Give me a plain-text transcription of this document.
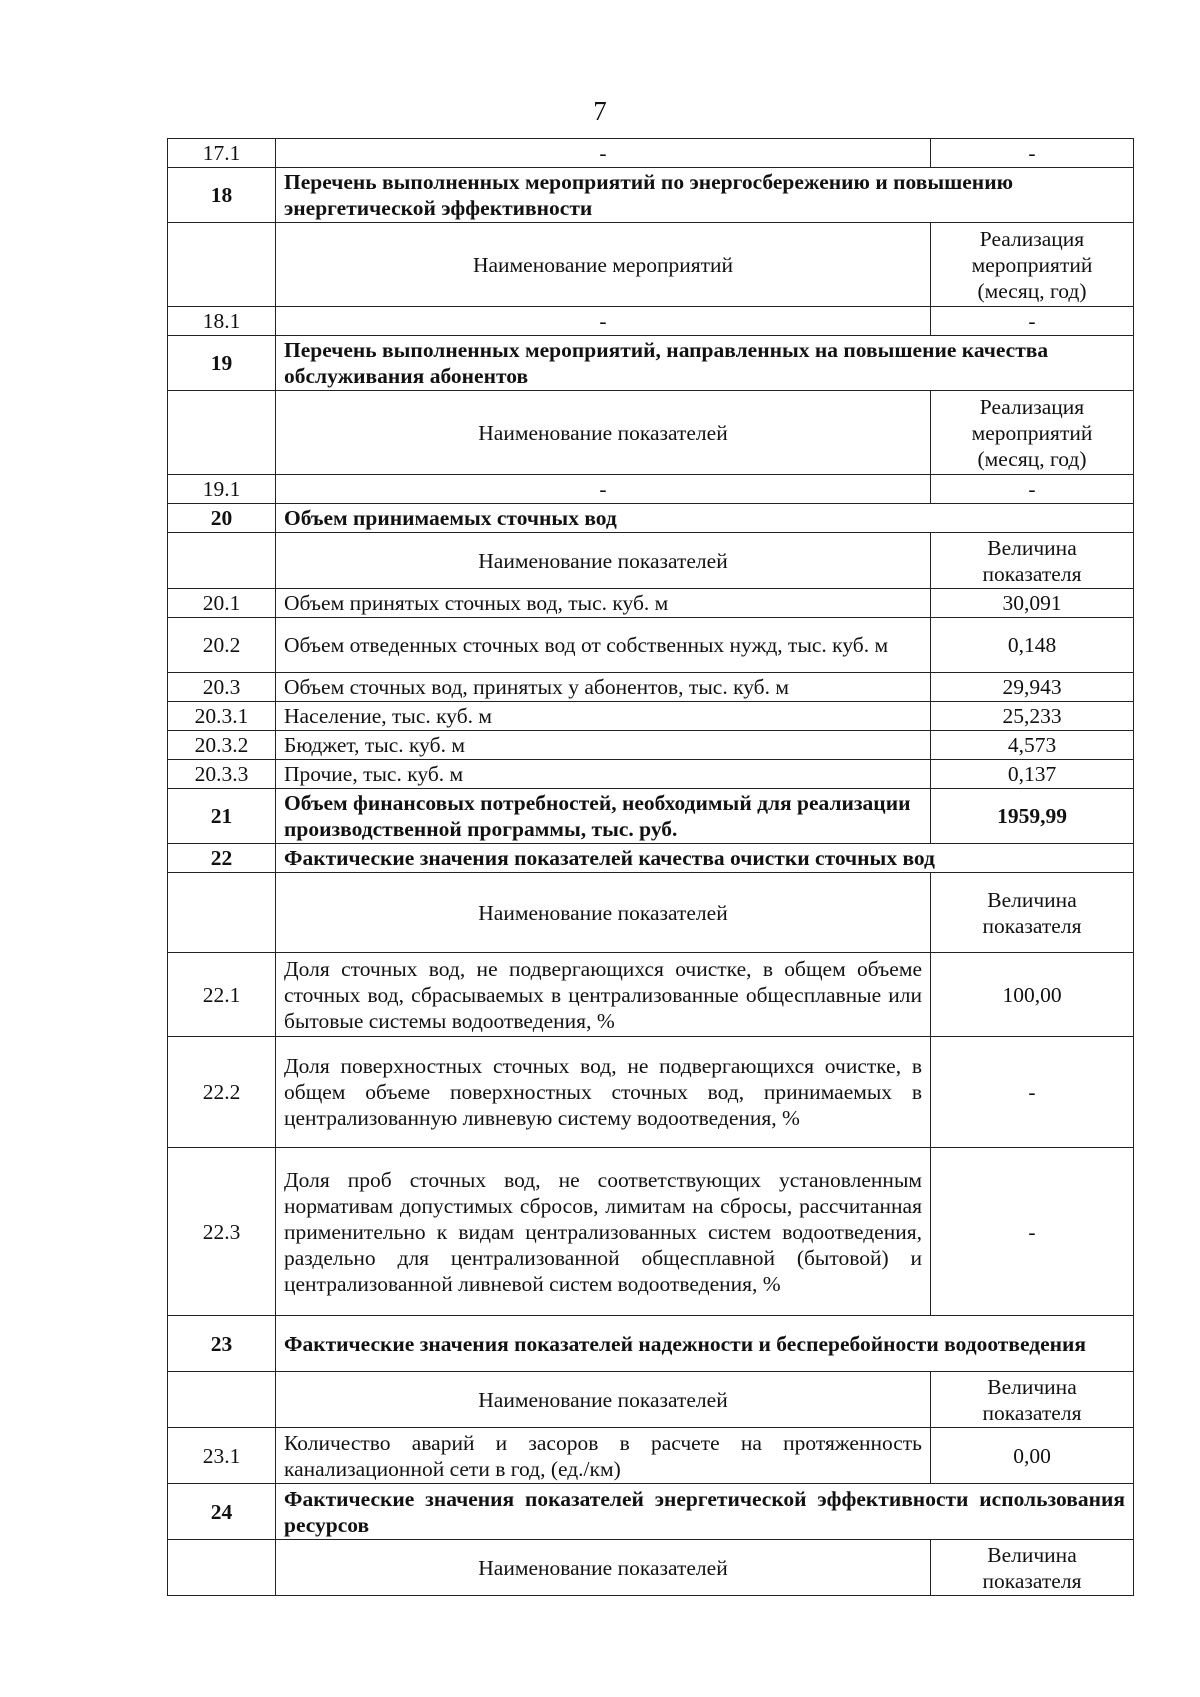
7
17.1	-	-
18	Перечень выполненных мероприятий по энергосбережению и повышению энергетической эффективности	
	Наименование мероприятий	Реализация мероприятий (месяц, год)
18.1	-	-
19	Перечень выполненных мероприятий, направленных на повышение качества обслуживания абонентов	
	Наименование показателей	Реализация мероприятий (месяц, год)
19.1	-	-
20	Объем принимаемых сточных вод	
	Наименование показателей	Величина показателя
20.1	Объем принятых сточных вод, тыс. куб. м	30,091
20.2	Объем отведенных сточных вод от собственных нужд, тыс. куб. м	0,148
20.3	Объем сточных вод, принятых у абонентов, тыс. куб. м	29,943
20.3.1	Население, тыс. куб. м	25,233
20.3.2	Бюджет, тыс. куб. м	4,573
20.3.3	Прочие, тыс. куб. м	0,137
21	Объем финансовых потребностей, необходимый для реализации производственной программы, тыс. руб.	1959,99
22	Фактические значения показателей качества очистки сточных вод	
	Наименование показателей	Величина показателя
22.1	Доля сточных вод, не подвергающихся очистке, в общем объеме сточных вод, сбрасываемых в централизованные общесплавные или бытовые системы водоотведения, %	100,00
22.2	Доля поверхностных сточных вод, не подвергающихся очистке, в общем объеме поверхностных сточных вод, принимаемых в централизованную ливневую систему водоотведения, %	-
22.3	Доля проб сточных вод, не соответствующих установленным нормативам допустимых сбросов, лимитам на сбросы, рассчитанная применительно к видам централизованных систем водоотведения, раздельно для централизованной общесплавной (бытовой) и централизованной ливневой систем водоотведения, %	-
23	Фактические значения показателей надежности и бесперебойности водоотведения	
	Наименование показателей	Величина показателя
23.1	Количество аварий и засоров в расчете на протяженность канализационной сети в год, (ед./км)	0,00
24	Фактические значения показателей энергетической эффективности использования ресурсов	
	Наименование показателей	Величина показателя
